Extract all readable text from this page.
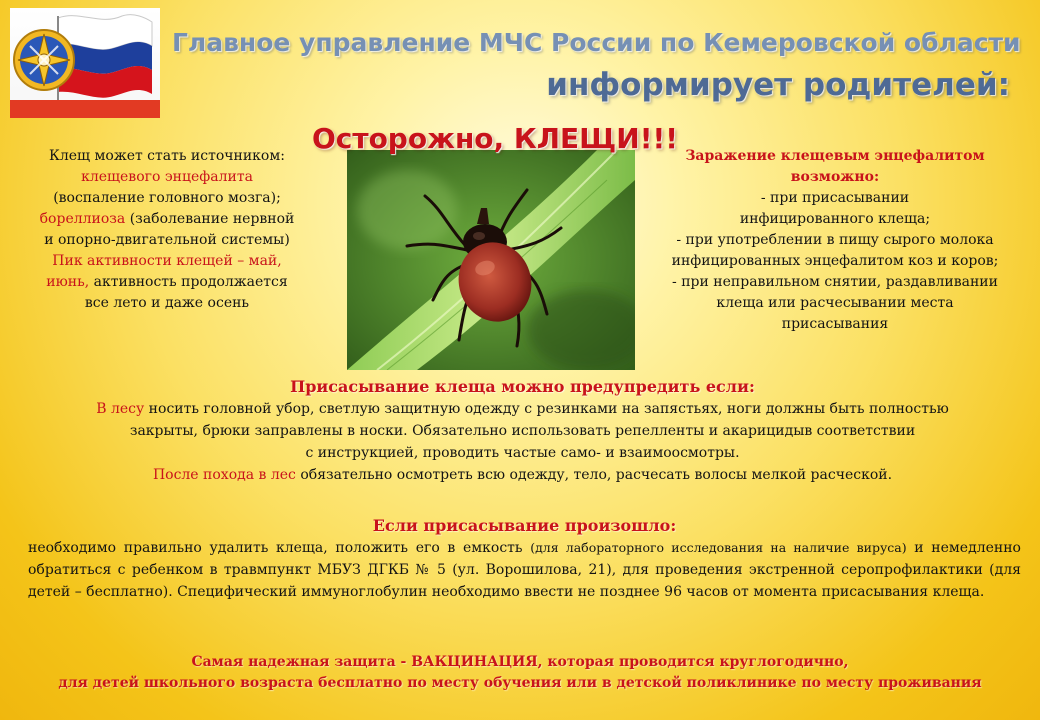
Главное управление МЧС России по Кемеровской области
информирует родителей:
Осторожно, КЛЕЩИ!!!
Клещ может стать источником:
клещевого энцефалита
(воспаление головного мозга);
бореллиоза (заболевание нервной
и опорно-двигательной системы)
Пик активности клещей – май,
июнь, активность продолжается
все лето и даже осень
Заражение клещевым энцефалитом
возможно:
- при присасывании
инфицированного клеща;
- при употреблении в пищу сырого молока
инфицированных энцефалитом коз и коров;
- при неправильном снятии, раздавливании
клеща или расчесывании места
присасывания
Присасывание клеща можно предупредить если:
В лесу носить головной убор, светлую защитную одежду с резинками на запястьях, ноги должны быть полностью
закрыты, брюки заправлены в носки. Обязательно использовать репелленты и акарицидыв соответствии
с инструкцией, проводить частые само- и взаимоосмотры.
После похода в лес обязательно осмотреть всю одежду, тело, расчесать волосы мелкой расческой.
Если присасывание произошло:
необходимо правильно удалить клеща, положить его в емкость (для лабораторного исследования на наличие вируса) и немедленно обратиться с ребенком в травмпункт МБУЗ ДГКБ № 5 (ул. Ворошилова, 21), для проведения экстренной серопрофилактики (для детей – бесплатно). Специфический иммуноглобулин необходимо ввести не позднее 96 часов от момента присасывания клеща.
Самая надежная защита - ВАКЦИНАЦИЯ, которая проводится круглогодично,
для детей школьного возраста бесплатно по месту обучения или в детской поликлинике по месту проживания
